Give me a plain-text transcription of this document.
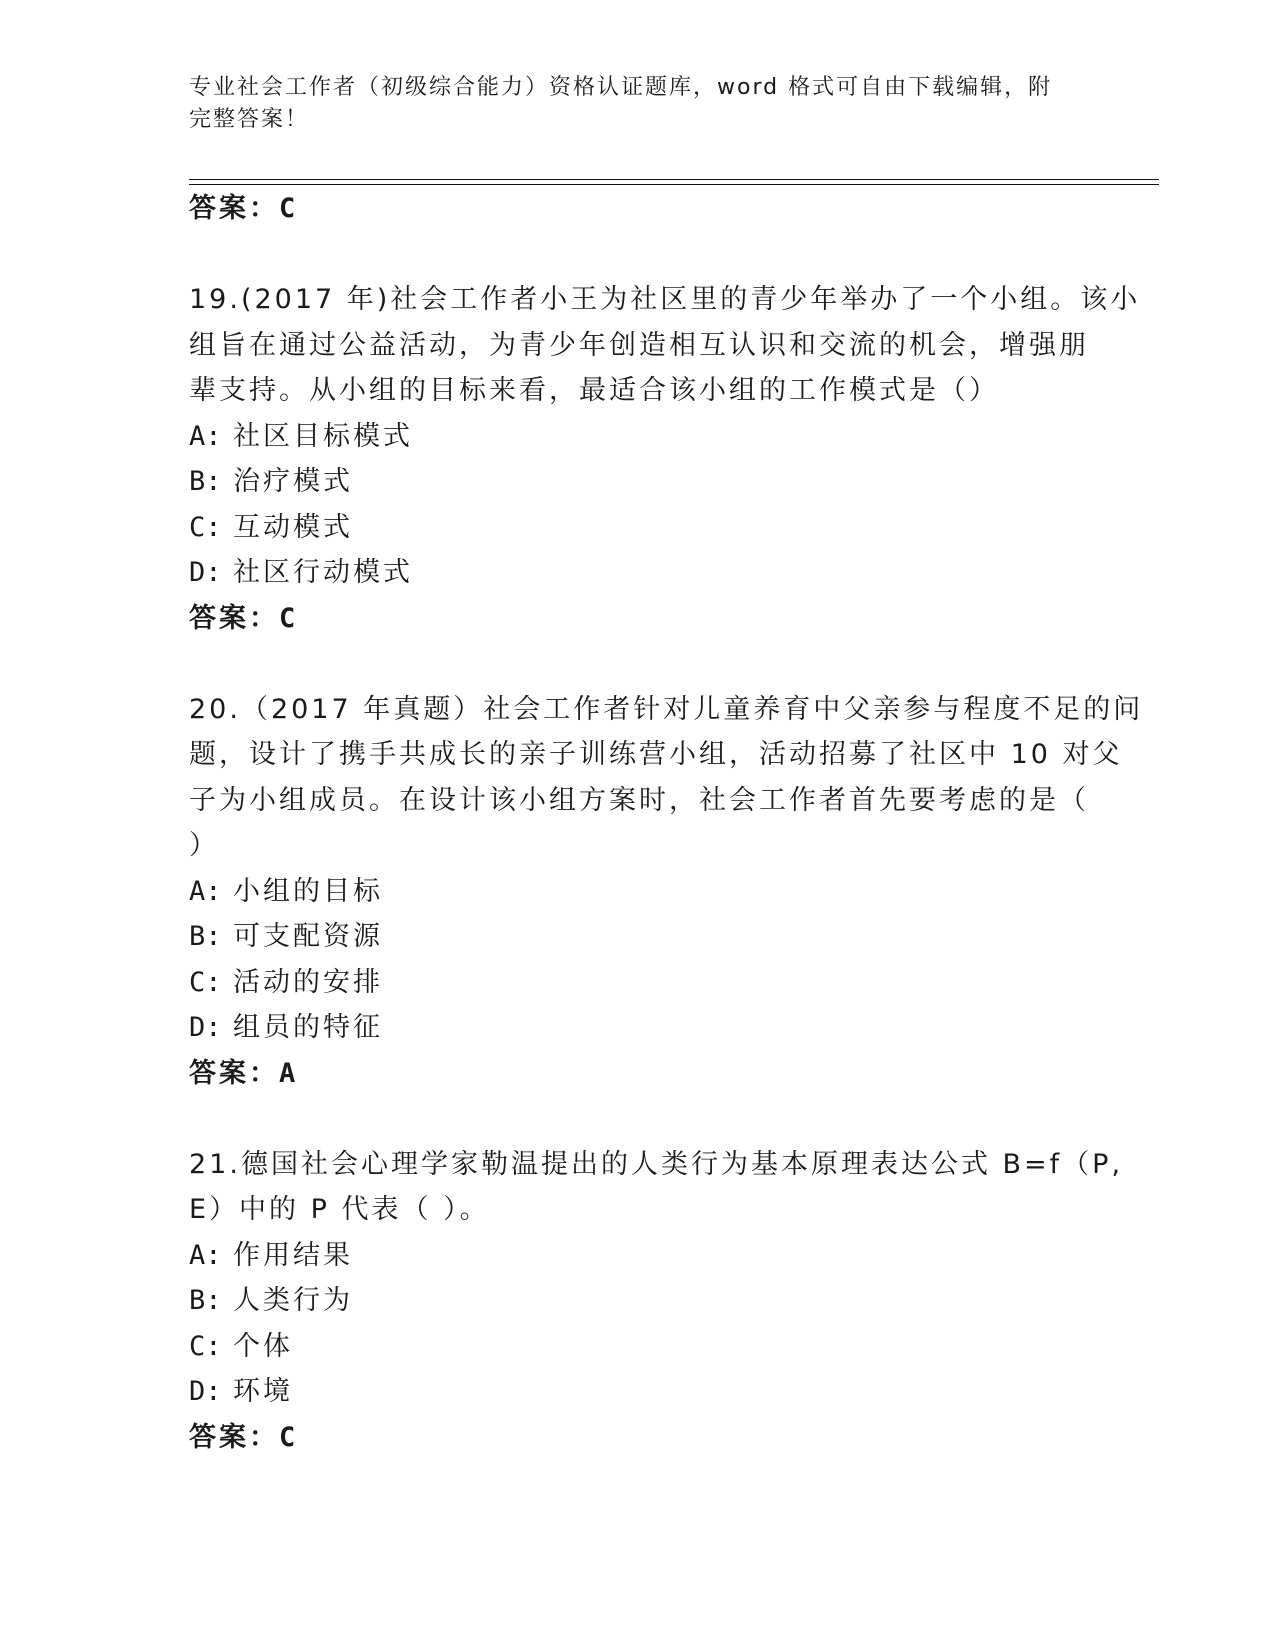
专业社会工作者（初级综合能力）资格认证题库，word 格式可自由下载编辑，附
完整答案！
答案：C
19.(2017 年)社会工作者小王为社区里的青少年举办了一个小组。该小
组旨在通过公益活动，为青少年创造相互认识和交流的机会，增强朋
辈支持。从小组的目标来看，最适合该小组的工作模式是（）
A: 社区目标模式
B: 治疗模式
C: 互动模式
D: 社区行动模式
答案：C
20.（2017 年真题）社会工作者针对儿童养育中父亲参与程度不足的问
题，设计了携手共成长的亲子训练营小组，活动招募了社区中 10 对父
子为小组成员。在设计该小组方案时，社会工作者首先要考虑的是（
）
A: 小组的目标
B: 可支配资源
C: 活动的安排
D: 组员的特征
答案：A
21.德国社会心理学家勒温提出的人类行为基本原理表达公式 B=f（P,
E）中的 P 代表（ ）。
A: 作用结果
B: 人类行为
C: 个体
D: 环境
答案：C
